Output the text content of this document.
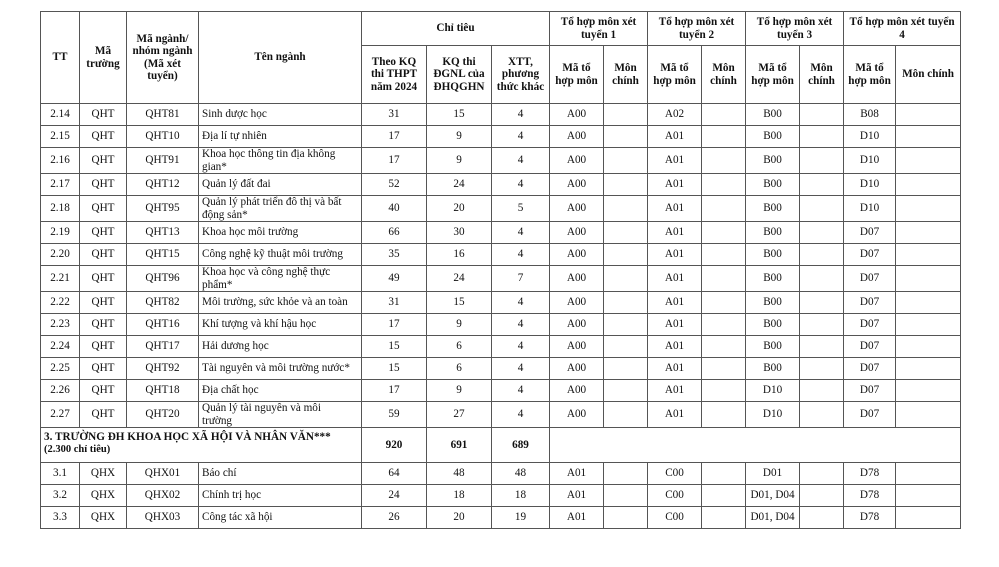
TT	Mã trường	Mã ngành/ nhóm ngành (Mã xét tuyển)	Tên ngành	Chỉ tiêu			Tổ hợp môn xét tuyển 1		Tổ hợp môn xét tuyển 2		Tổ hợp môn xét tuyển 3		Tổ hợp môn xét tuyển 4	
				Theo KQ thi THPT năm 2024	KQ thi ĐGNL của ĐHQGHN	XTT, phương thức khác	Mã tổ hợp môn	Môn chính	Mã tổ hợp môn	Môn chính	Mã tổ hợp môn	Môn chính	Mã tổ hợp môn	Môn chính
2.14	QHT	QHT81	Sinh dược học	31	15	4	A00		A02		B00		B08	
2.15	QHT	QHT10	Địa lí tự nhiên	17	9	4	A00		A01		B00		D10	
2.16	QHT	QHT91	Khoa học thông tin địa không
gian*	17	9	4	A00		A01		B00		D10	
2.17	QHT	QHT12	Quản lý đất đai	52	24	4	A00		A01		B00		D10	
2.18	QHT	QHT95	Quản lý phát triển đô thị và bất
động sản*	40	20	5	A00		A01		B00		D10	
2.19	QHT	QHT13	Khoa học môi trường	66	30	4	A00		A01		B00		D07	
2.20	QHT	QHT15	Công nghệ kỹ thuật môi trường	35	16	4	A00		A01		B00		D07	
2.21	QHT	QHT96	Khoa học và công nghệ thực
phẩm*	49	24	7	A00		A01		B00		D07	
2.22	QHT	QHT82	Môi trường, sức khỏe và an toàn	31	15	4	A00		A01		B00		D07	
2.23	QHT	QHT16	Khí tượng và khí hậu học	17	9	4	A00		A01		B00		D07	
2.24	QHT	QHT17	Hải dương học	15	6	4	A00		A01		B00		D07	
2.25	QHT	QHT92	Tài nguyên và môi trường nước*	15	6	4	A00		A01		B00		D07	
2.26	QHT	QHT18	Địa chất học	17	9	4	A00		A01		D10		D07	
2.27	QHT	QHT20	Quản lý tài nguyên và môi
trường	59	27	4	A00		A01		D10		D07	

3. TRƯỜNG ĐH KHOA HỌC XÃ HỘI VÀ NHÂN VĂN***
(2.300 chỉ tiêu)				920	691	689								
3.1	QHX	QHX01	Báo chí	64	48	48	A01		C00		D01		D78	
3.2	QHX	QHX02	Chính trị học	24	18	18	A01		C00		D01, D04		D78	
3.3	QHX	QHX03	Công tác xã hội	26	20	19	A01		C00		D01, D04		D78	
